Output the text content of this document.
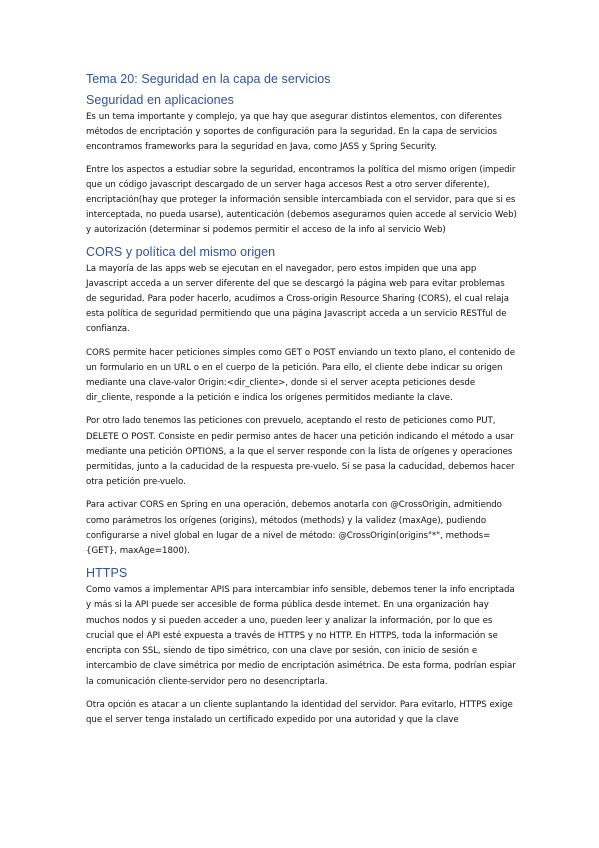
Tema 20: Seguridad en la capa de servicios
Seguridad en aplicaciones

Es un tema importante y complejo, ya que hay que asegurar distintos elementos, con diferentes métodos de encriptación y soportes de configuración para la seguridad. En la capa de servicios encontramos frameworks para la seguridad en Java, como JASS y Spring Security.

Entre los aspectos a estudiar sobre la seguridad, encontramos la política del mismo origen (impedir que un código javascript descargado de un server haga accesos Rest a otro server diferente), encriptación(hay que proteger la información sensible intercambiada con el servidor, para que si es interceptada, no pueda usarse), autenticación (debemos asegurarnos quien accede al servicio Web) y autorización (determinar si podemos permitir el acceso de la info al servicio Web)

CORS y política del mismo origen

La mayoría de las apps web se ejecutan en el navegador, pero estos impiden que una app Javascript acceda a un server diferente del que se descargó la página web para evitar problemas de seguridad. Para poder hacerlo, acudimos a Cross-origin Resource Sharing (CORS), el cual relaja esta política de seguridad permitiendo que una página Javascript acceda a un servicio RESTful de confianza.

CORS permite hacer peticiones simples como GET o POST enviando un texto plano, el contenido de un formulario en un URL o en el cuerpo de la petición. Para ello, el cliente debe indicar su origen mediante una clave-valor Origin:<dir_cliente>, donde si el server acepta peticiones desde dir_cliente, responde a la petición e indica los orígenes permitidos mediante la clave.

Por otro lado tenemos las peticiones con prevuelo, aceptando el resto de peticiones como PUT, DELETE O POST. Consiste en pedir permiso antes de hacer una petición indicando el método a usar mediante una petición OPTIONS, a la que el server responde con la lista de orígenes y operaciones permitidas, junto a la caducidad de la respuesta pre-vuelo. Si se pasa la caducidad, debemos hacer otra petición pre-vuelo.

Para activar CORS en Spring en una operación, debemos anotarla con @CrossOrigin, admitiendo como parámetros los orígenes (origins), métodos (methods) y la validez (maxAge), pudiendo configurarse a nivel global en lugar de a nivel de método: @CrossOrigin(origins"*", methods={GET}, maxAge=1800).

HTTPS

Como vamos a implementar APIS para intercambiar info sensible, debemos tener la info encriptada y más si la API puede ser accesible de forma pública desde internet. En una organización hay muchos nodos y si pueden acceder a uno, pueden leer y analizar la información, por lo que es crucial que el API esté expuesta a través de HTTPS y no HTTP. En HTTPS, toda la información se encripta con SSL, siendo de tipo simétrico, con una clave por sesión, con inicio de sesión e intercambio de clave simétrica por medio de encriptación asimétrica. De esta forma, podrían espiar la comunicación cliente-servidor pero no desencriptarla.

Otra opción es atacar a un cliente suplantando la identidad del servidor. Para evitarlo, HTTPS exige que el server tenga instalado un certificado expedido por una autoridad y que la clave
